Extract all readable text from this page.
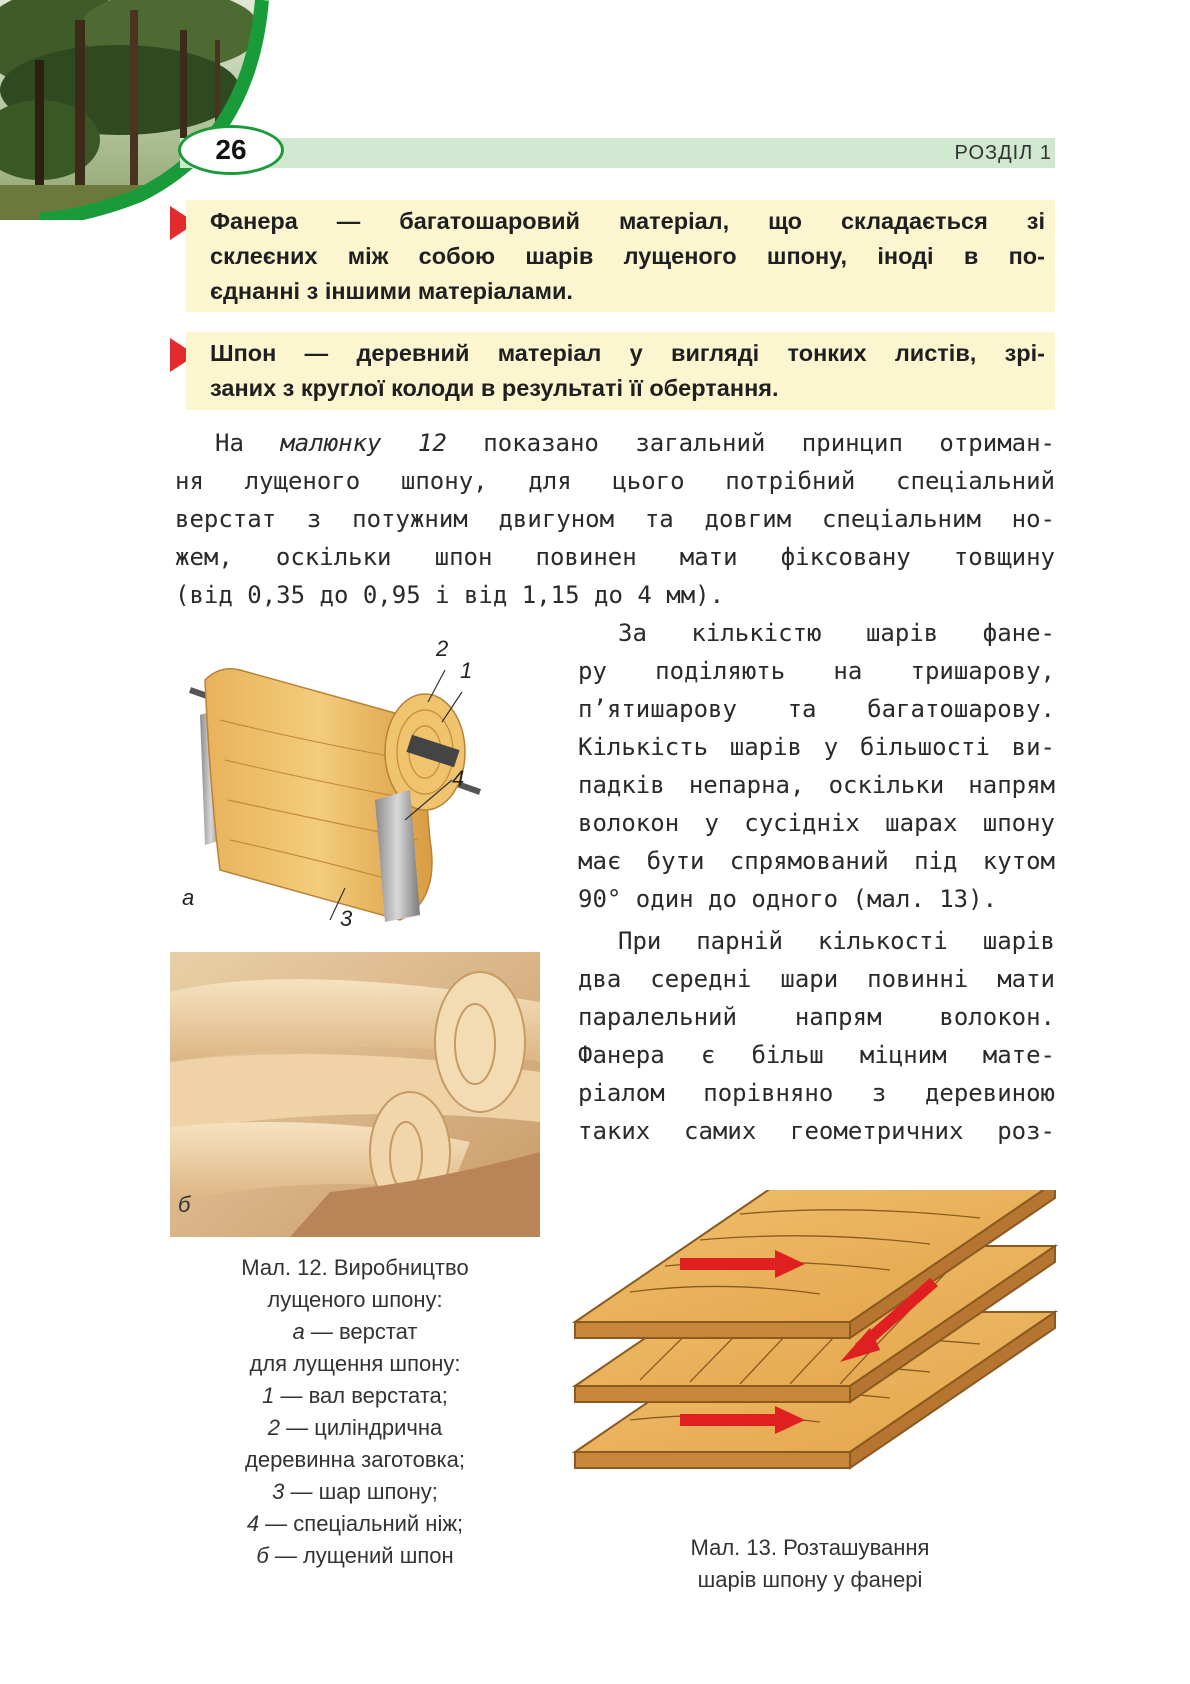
26	РОЗДІЛ 1
Фанера — багатошаровий матеріал, що складається зі
склеєних між собою шарів лущеного шпону, іноді в по-
єднанні з іншими матеріалами.
Шпон — деревний матеріал у вигляді тонких листів, зрі-
заних з круглої колоди в результаті її обертання.
На малюнку 12 показано загальний принцип отриман-
ня лущеного шпону, для цього потрібний спеціальний
верстат з потужним двигуном та довгим спеціальним но-
жем, оскільки шпон повинен мати фіксовану товщину
(від 0,35 до 0,95 і від 1,15 до 4 мм).
За кількістю шарів фане-
ру поділяють на тришарову,
п’ятишарову та багатошарову.
Кількість шарів у більшості ви-
падків непарна, оскільки напрям
волокон у сусідніх шарах шпону
має бути спрямований під кутом
90° один до одного (мал. 13).
При парній кількості шарів
два середні шари повинні мати
паралельний напрям волокон.
Фанера є більш міцним мате-
ріалом порівняно з деревиною
таких самих геометричних роз-
2
1
4
3
а
б
Мал. 12. Виробництво
лущеного шпону:
а — верстат
для лущення шпону:
1 — вал верстата;
2 — циліндрична
деревинна заготовка;
3 — шар шпону;
4 — спеціальний ніж;
б — лущений шпон	Мал. 13. Розташування
шарів шпону у фанері
